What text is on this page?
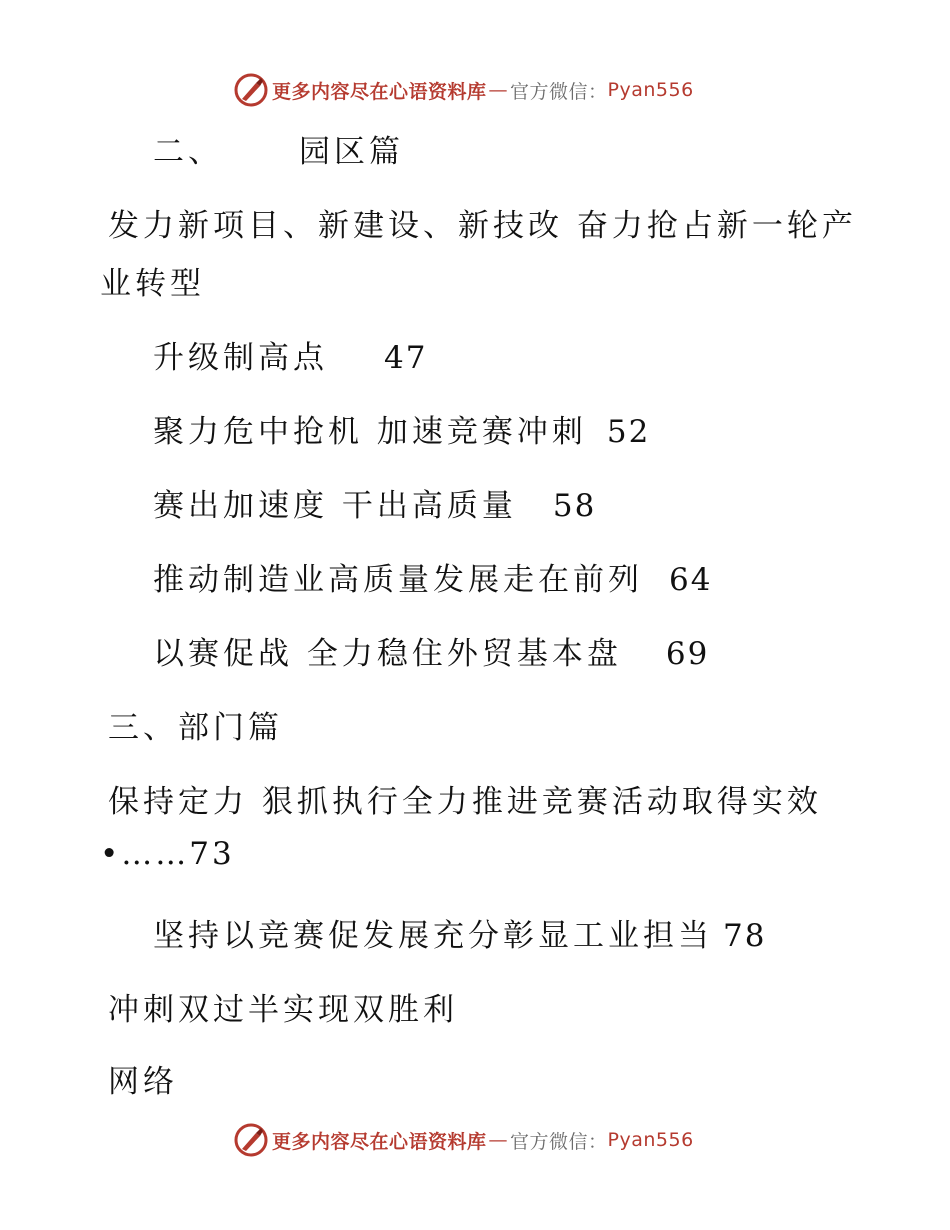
更多内容尽在心语资料库 — 官方微信： Pyan556
二、 园区篇
发力新项目、新建设、新技改 奋力抢占新一轮产
业转型
升级制高点 47
聚力危中抢机 加速竞赛冲刺 52
赛出加速度 干出高质量 58
推动制造业高质量发展走在前列 64
以赛促战 全力稳住外贸基本盘 69
三、部门篇
保持定力 狠抓执行全力推进竞赛活动取得实效
•……73
坚持以竞赛促发展充分彰显工业担当 78
冲刺双过半实现双胜利
网络
更多内容尽在心语资料库 — 官方微信： Pyan556
